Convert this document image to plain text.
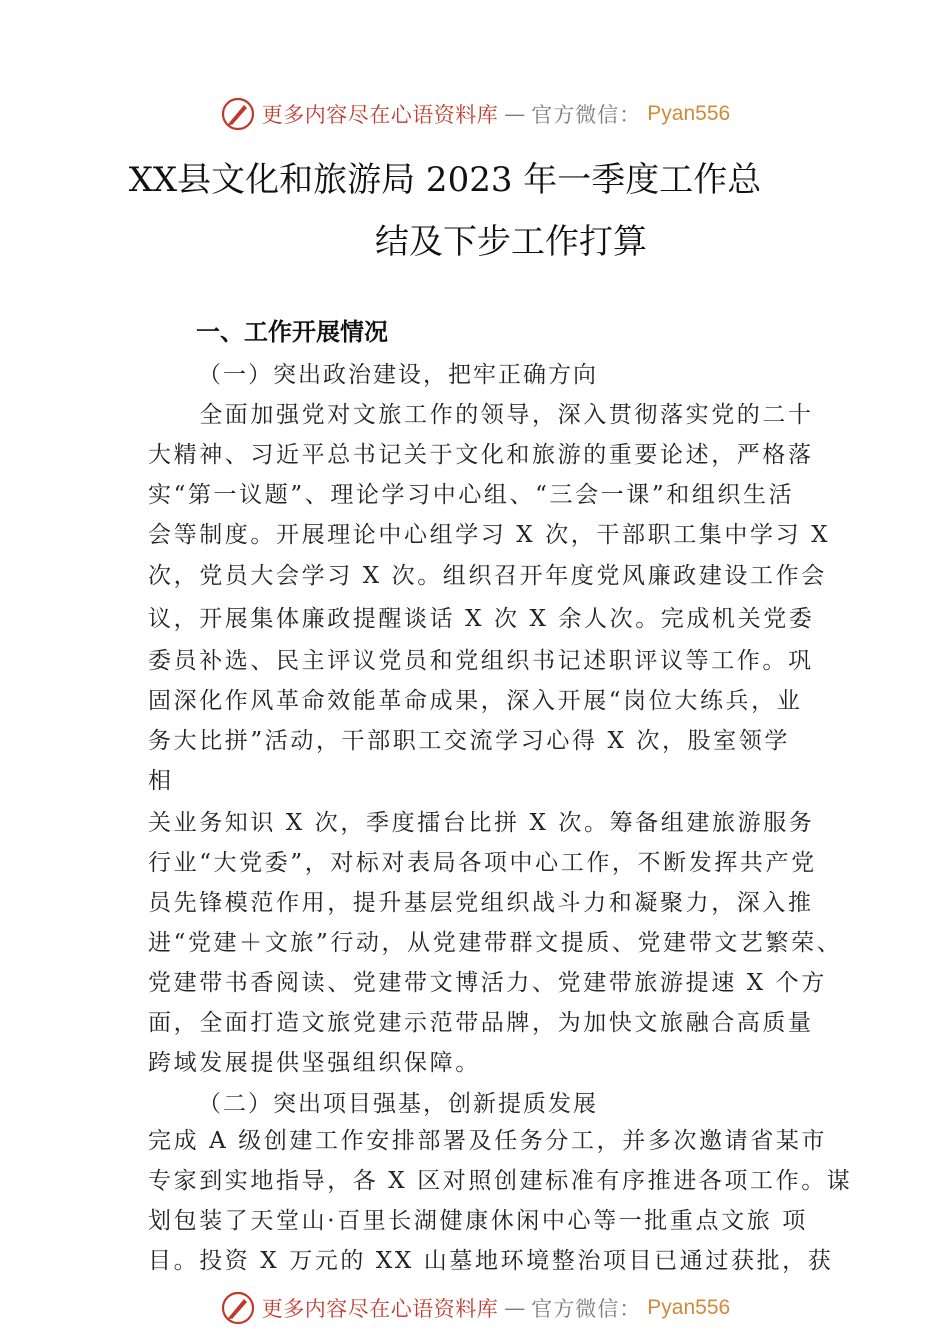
更多内容尽在心语资料库 — 官方微信： Pyan556
XX县文化和旅游局 2023 年一季度工作总
结及下步工作打算
一、工作开展情况
（一）突出政治建设，把牢正确方向
　　全面加强党对文旅工作的领导，深入贯彻落实党的二十
大精神、习近平总书记关于文化和旅游的重要论述，严格落
实“第一议题”、理论学习中心组、“三会一课”和组织生活
会等制度。开展理论中心组学习 X 次，干部职工集中学习 X
次，党员大会学习 X 次。组织召开年度党风廉政建设工作会
议，开展集体廉政提醒谈话 X 次 X 余人次。完成机关党委
委员补选、民主评议党员和党组织书记述职评议等工作。巩
固深化作风革命效能革命成果，深入开展“岗位大练兵，业
务大比拼”活动，干部职工交流学习心得 X 次，股室领学
相
关业务知识 X 次，季度擂台比拼 X 次。筹备组建旅游服务
行业“大党委”，对标对表局各项中心工作，不断发挥共产党
员先锋模范作用，提升基层党组织战斗力和凝聚力，深入推
进“党建＋文旅”行动，从党建带群文提质、党建带文艺繁荣、
党建带书香阅读、党建带文博活力、党建带旅游提速 X 个方
面，全面打造文旅党建示范带品牌，为加快文旅融合高质量
跨域发展提供坚强组织保障。
（二）突出项目强基，创新提质发展
完成 A 级创建工作安排部署及任务分工，并多次邀请省某市
专家到实地指导，各 X 区对照创建标准有序推进各项工作。谋
划包装了天堂山·百里长湖健康休闲中心等一批重点文旅 项
目。投资 X 万元的 XX 山墓地环境整治项目已通过获批，获
更多内容尽在心语资料库 — 官方微信： Pyan556
